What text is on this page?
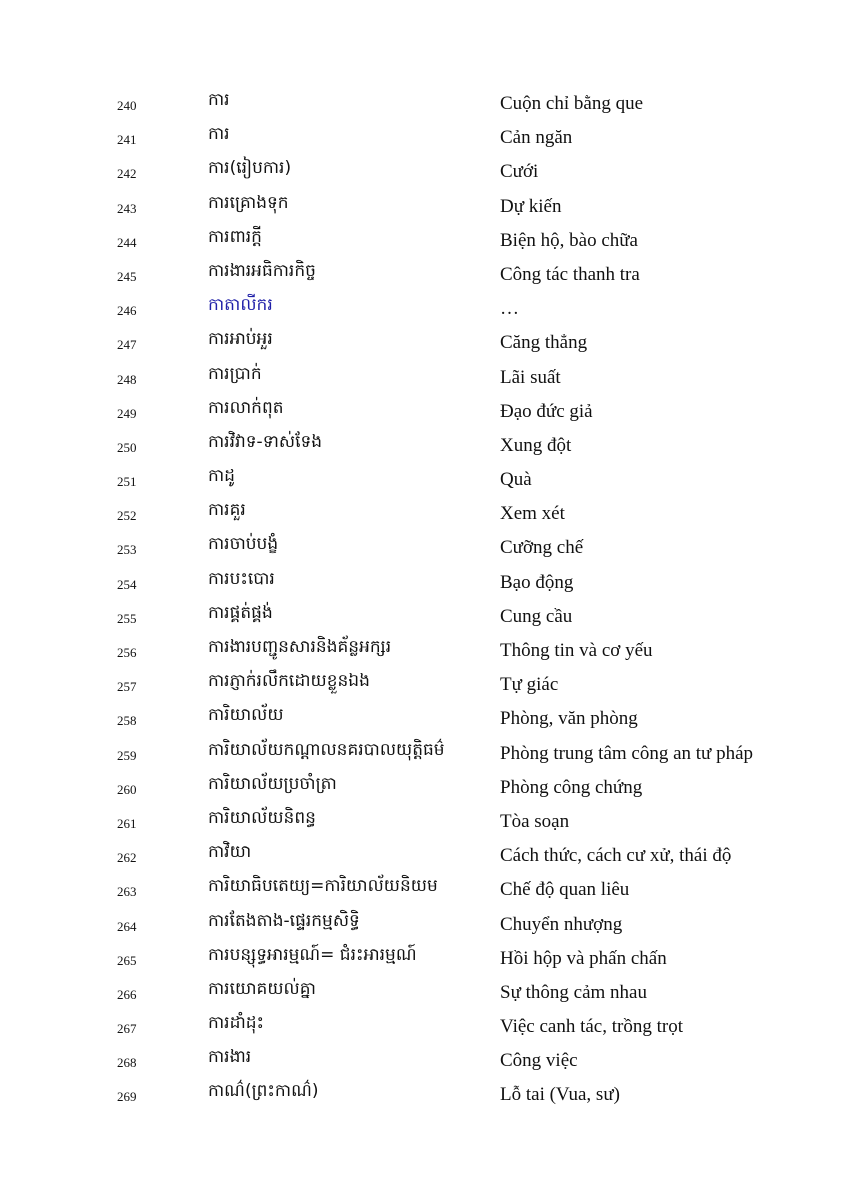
240	ការ	Cuộn chỉ bằng que
241	ការ	Cản ngăn
242	ការ(រៀបការ)	Cưới
243	ការគ្រោងទុក	Dự kiến
244	ការពារក្ដី	Biện hộ, bào chữa
245	ការងារអធិការកិច្ច	Công tác thanh tra
246	កាតាលីករ	…
247	ការអាប់អួរ	Căng thẳng
248	ការប្រាក់	Lãi suất
249	ការលាក់ពុត	Đạo đức giả
250	ការវិវាទ-ទាស់ទែង	Xung đột
251	កាដូ	Quà
252	ការគួរ	Xem xét
253	ការចាប់បង្ខំ	Cưỡng chế
254	ការបះបោរ	Bạo động
255	ការផ្គត់ផ្គង់	Cung cầu
256	ការងារបញ្ជូនសារនិងគ័ន្លអក្សរ	Thông tin và cơ yếu
257	ការភ្ញាក់រលឹកដោយខ្លួនឯង	Tự giác
258	ការិយាល័យ	Phòng, văn phòng
259	ការិយាល័យកណ្ដាលនគរបាលយុត្តិធម៌	Phòng trung tâm công an tư pháp
260	ការិយាល័យប្រចាំត្រា	Phòng công chứng
261	ការិយាល័យនិពន្ធ	Tòa soạn
262	កាវិយា	Cách thức, cách cư xử, thái độ
263	ការិយាធិបតេយ្យ=ការិយាល័យនិយម	Chế độ quan liêu
264	ការតែងតាង-ផ្ទេរកម្មសិទ្ធិ	Chuyển nhượng
265	ការបន្សុទ្ធអារម្មណ៍= ជំរះអារម្មណ៍	Hồi hộp và phấn chấn
266	ការយោគយល់គ្នា	Sự thông cảm nhau
267	ការដាំដុះ	Việc canh tác, trồng trọt
268	ការងារ	Công việc
269	កាណ៌(ព្រះកាណ៌)	Lỗ tai (Vua, sư)
